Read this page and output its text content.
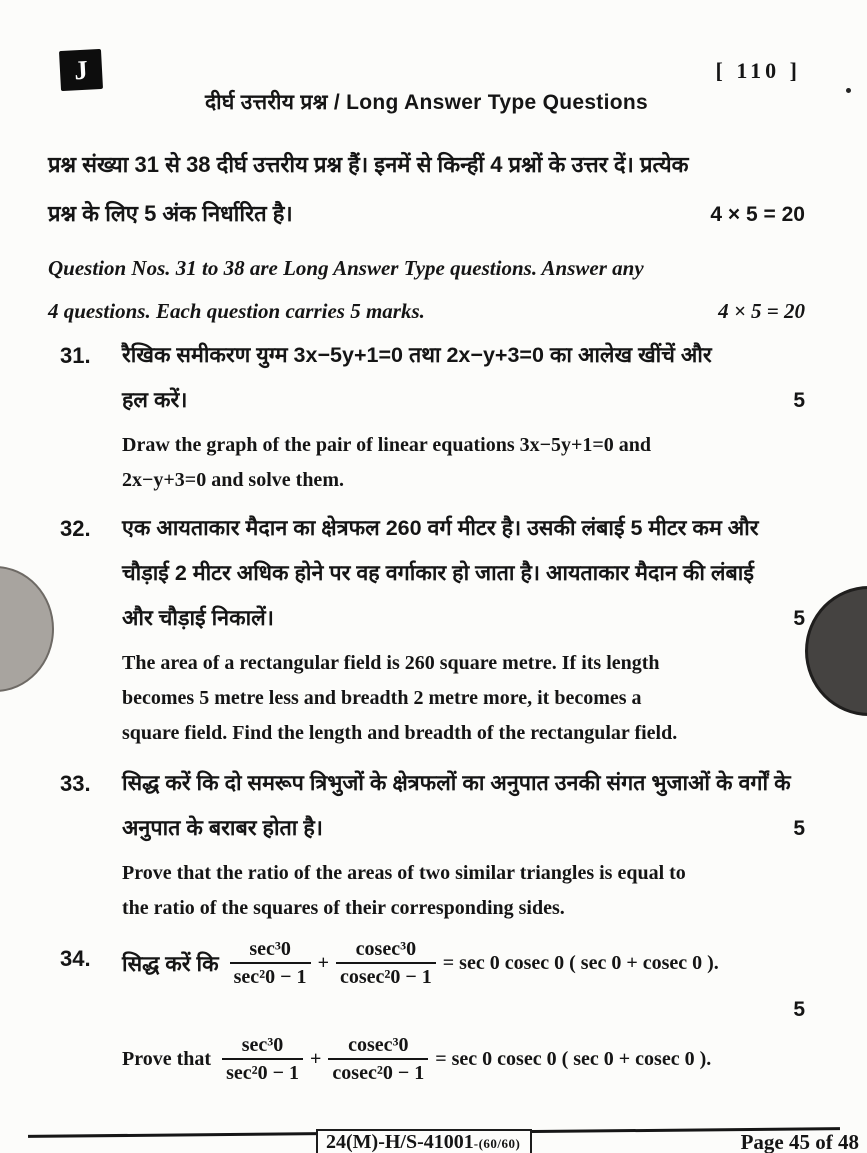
J	[ 110 ]
दीर्घ उत्तरीय प्रश्न / Long Answer Type Questions
प्रश्न संख्या 31 से 38 दीर्घ उत्तरीय प्रश्न हैं। इनमें से किन्हीं 4 प्रश्नों के उत्तर दें। प्रत्येक
प्रश्न के लिए 5 अंक निर्धारित है।	4 × 5 = 20
Question Nos. 31 to 38 are Long Answer Type questions. Answer any
4 questions. Each question carries 5 marks.	4 × 5 = 20
31.	रैखिक समीकरण युग्म 3x−5y+1=0 तथा 2x−y+3=0 का आलेख खींचें और
हल करें।	5
Draw the graph of the pair of linear equations 3x−5y+1=0 and
2x−y+3=0 and solve them.
32.	एक आयताकार मैदान का क्षेत्रफल 260 वर्ग मीटर है। उसकी लंबाई 5 मीटर कम और
चौड़ाई 2 मीटर अधिक होने पर वह वर्गाकार हो जाता है। आयताकार मैदान की लंबाई
और चौड़ाई निकालें।	5
The area of a rectangular field is 260 square metre. If its length
becomes 5 metre less and breadth 2 metre more, it becomes a
square field. Find the length and breadth of the rectangular field.
33.	सिद्ध करें कि दो समरूप त्रिभुजों के क्षेत्रफलों का अनुपात उनकी संगत भुजाओं के वर्गों के
अनुपात के बराबर होता है।	5
Prove that the ratio of the areas of two similar triangles is equal to
the ratio of the squares of their corresponding sides.
34.	सिद्ध करें कि $\frac{\text{sec³0}}{\text{sec²0 − 1}} + \frac{\text{cosec³0}}{\text{cosec²0 − 1}} = \sec 0$ cosec 0 ( sec 0 + cosec 0 ).
5
Prove that $\frac{\text{sec³0}}{\text{sec²0 − 1}} + \frac{\text{cosec³0}}{\text{cosec²0 − 1}} = \sec 0$ cosec 0 ( sec 0 + cosec 0 ).
24(M)-H/S-41001-(60/60)	Page 45 of 48
